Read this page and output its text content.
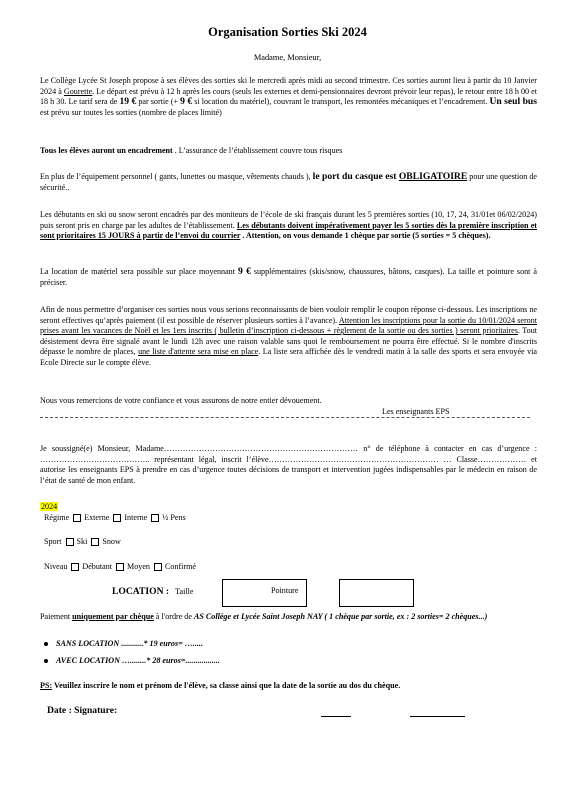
Organisation Sorties Ski 2024
Madame, Monsieur,

Le Collège Lycée St Joseph propose à ses élèves des sorties ski le mercredi après midi au second trimestre. Ces sorties auront lieu à partir du 10 Janvier 2024 à Gourette. Le départ est prévu à 12 h après les cours (seuls les externes et demi-pensionnaires devront prévoir leur repas), le retour entre 18 h 00 et 18 h 30. Le tarif sera de 19 € par sortie (+ 9 € si location du matériel), couvrant le transport, les remontées mécaniques et l’encadrement. Un seul bus est prévu sur toutes les sorties (nombre de places limité)

Tous les élèves auront un encadrement . L’assurance de l’établissement couvre tous risques

En plus de l’équipement personnel ( gants, lunettes ou masque, vêtements chauds ), le port du casque est OBLIGATOIRE pour une question de sécurité..

Les débutants en ski ou snow seront encadrés par des moniteurs de l’école de ski français durant les 5 premières sorties (10, 17, 24, 31/01et 06/02/2024) puis seront pris en charge par les adultes de l’établissement. Les débutants doivent impérativement payer les 5 sorties dès la première inscription et sont prioritaires 15 JOURS à partir de l’envoi du courrier . Attention, on vous demande 1 chèque par sortie (5 sorties = 5 chèques).

La location de matériel sera possible sur place moyennant 9 € supplémentaires (skis/snow, chaussures, bâtons, casques). La taille et pointure sont à préciser.

Afin de nous permettre d’organiser ces sorties nous vous serions reconnaissants de bien vouloir remplir le coupon réponse ci-dessous. Les inscriptions ne seront effectives qu’après paiement (il est possible de réserver plusieurs sorties à l’avance). Attention les inscriptions pour la sortie du 10/01/2024 seront prises avant les vacances de Noël et les 1ers inscrits ( bulletin d’inscription ci-dessous + règlement de la sortie ou des sorties ) seront prioritaires. Tout désistement devra être signalé avant le lundi 12h avec une raison valable sans quoi le remboursement ne pourra être effectué. Si le nombre d'inscrits dépasse le nombre de places, une liste d'attente sera mise en place. La liste sera affichée dès le vendredi matin à la salle des sports et sera envoyée via Ecole Directe sur le compte élève.

Nous vous remercions de votre confiance et vous assurons de notre entier dévouement.

Les enseignants EPS

Je soussigné(e) Monsieur, Madame……………………………………………………………… n° de téléphone à contacter en cas d’urgence : ………………………………….. représentant légal, inscrit l’élève……………………………………………………… … Classe……………… et autorise les enseignants EPS à prendre en cas d’urgence toutes décisions de transport et intervention jugées indispensables par le médecin en raison de l’état de santé de mon enfant.

2024
Régime Externe Interne ½ Pens
Sport Ski Snow
Niveau Débutant Moyen Confirmé
LOCATION : Taille	Pointure

Paiement uniquement par chèque à l'ordre de AS Collège et Lycée Saint Joseph NAY ( 1 chèque par sortie, ex : 2 sorties= 2 chèques...)

SANS LOCATION ...........* 19 euros= ….....
AVEC LOCATION …........* 28 euros=.................

PS: Veuillez inscrire le nom et prénom de l'élève, sa classe ainsi que la date de la sortie au dos du chèque.

Date : Signature:
